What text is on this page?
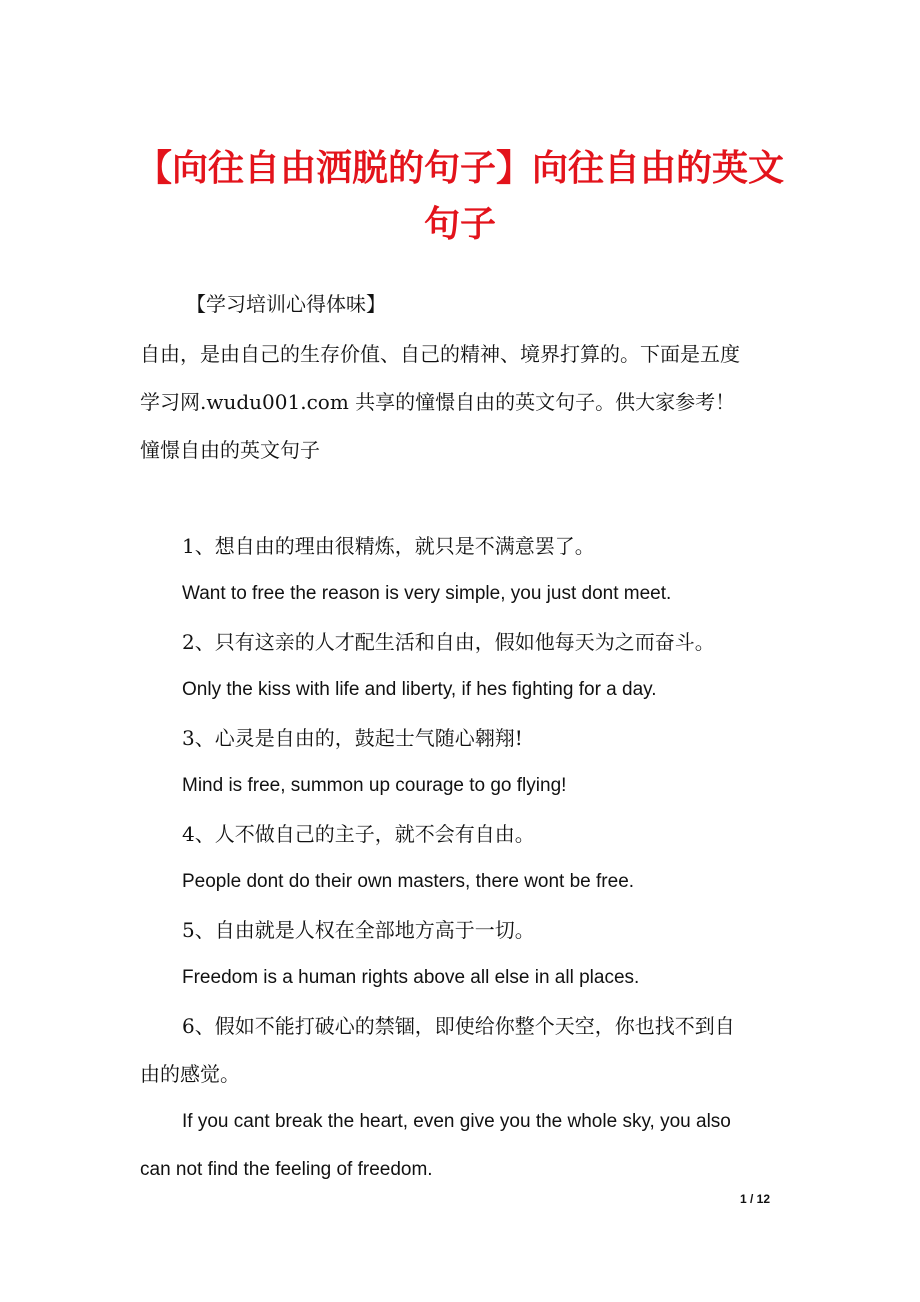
【向往自由洒脱的句子】向往自由的英文句子

【学习培训心得体味】

自由，是由自己的生存价值、自己的精神、境界打算的。下面是五度

学习网.wudu001.com 共享的憧憬自由的英文句子。供大家参考！

憧憬自由的英文句子

1、想自由的理由很精炼，就只是不满意罢了。

Want to free the reason is very simple, you just dont meet.

2、只有这亲的人才配生活和自由，假如他每天为之而奋斗。

Only the kiss with life and liberty, if hes fighting for a day.

3、心灵是自由的，鼓起士气随心翱翔!

Mind is free, summon up courage to go flying!

4、人不做自己的主子，就不会有自由。

People dont do their own masters, there wont be free.

5、自由就是人权在全部地方高于一切。

Freedom is a human rights above all else in all places.

6、假如不能打破心的禁锢，即使给你整个天空，你也找不到自

由的感觉。

If you cant break the heart, even give you the whole sky, you also

can not find the feeling of freedom.

1 / 12
